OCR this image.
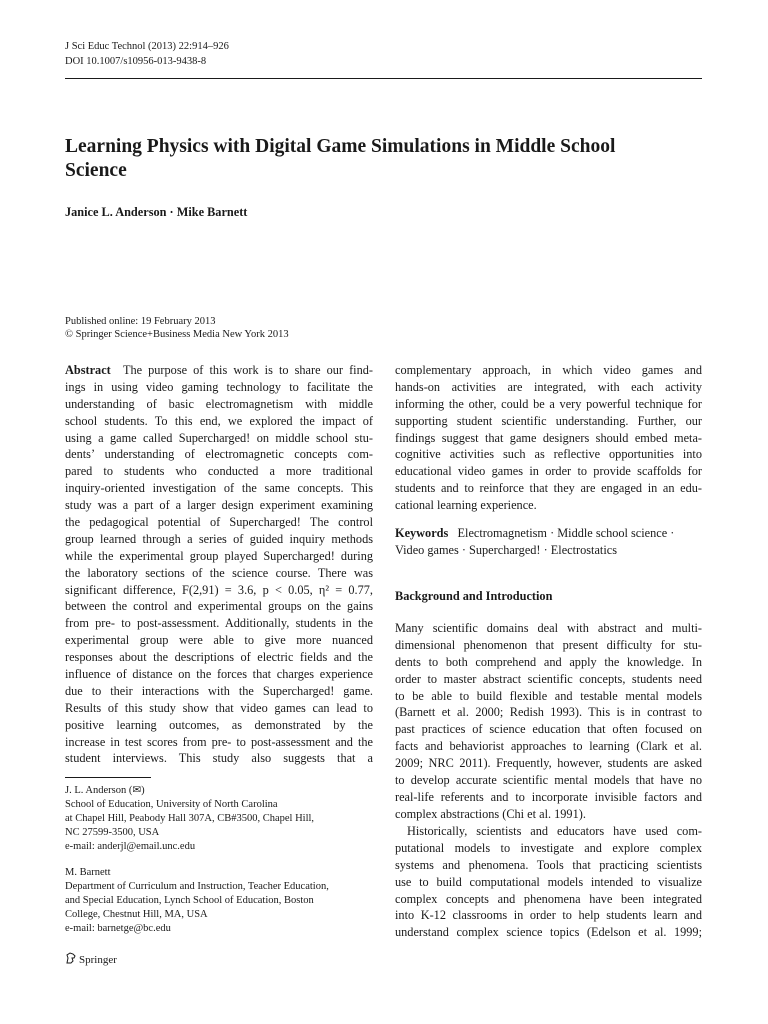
J Sci Educ Technol (2013) 22:914–926
DOI 10.1007/s10956-013-9438-8
Learning Physics with Digital Game Simulations in Middle School
Science
Janice L. Anderson · Mike Barnett
Published online: 19 February 2013
© Springer Science+Business Media New York 2013
Abstract The purpose of this work is to share our find-
ings in using video gaming technology to facilitate the
understanding of basic electromagnetism with middle
school students. To this end, we explored the impact of
using a game called Supercharged! on middle school stu-
dents’ understanding of electromagnetic concepts com-
pared to students who conducted a more traditional
inquiry-oriented investigation of the same concepts. This
study was a part of a larger design experiment examining
the pedagogical potential of Supercharged! The control
group learned through a series of guided inquiry methods
while the experimental group played Supercharged! during
the laboratory sections of the science course. There was
significant difference, F(2,91) = 3.6, p < 0.05, η² = 0.77,
between the control and experimental groups on the gains
from pre- to post-assessment. Additionally, students in the
experimental group were able to give more nuanced
responses about the descriptions of electric fields and the
influence of distance on the forces that charges experience
due to their interactions with the Supercharged! game.
Results of this study show that video games can lead to
positive learning outcomes, as demonstrated by the
increase in test scores from pre- to post-assessment and the
student interviews. This study also suggests that a
J. L. Anderson (✉)
School of Education, University of North Carolina
at Chapel Hill, Peabody Hall 307A, CB#3500, Chapel Hill,
NC 27599-3500, USA
e-mail: anderjl@email.unc.edu
M. Barnett
Department of Curriculum and Instruction, Teacher Education,
and Special Education, Lynch School of Education, Boston
College, Chestnut Hill, MA, USA
e-mail: barnetge@bc.edu
Springer
complementary approach, in which video games and
hands-on activities are integrated, with each activity
informing the other, could be a very powerful technique for
supporting student scientific understanding. Further, our
findings suggest that game designers should embed meta-
cognitive activities such as reflective opportunities into
educational video games in order to provide scaffolds for
students and to reinforce that they are engaged in an edu-
cational learning experience.
Keywords Electromagnetism · Middle school science ·
Video games · Supercharged! · Electrostatics
Background and Introduction
Many scientific domains deal with abstract and multi-
dimensional phenomenon that present difficulty for stu-
dents to both comprehend and apply the knowledge. In
order to master abstract scientific concepts, students need
to be able to build flexible and testable mental models
(Barnett et al. 2000; Redish 1993). This is in contrast to
past practices of science education that often focused on
facts and behaviorist approaches to learning (Clark et al.
2009; NRC 2011). Frequently, however, students are asked
to develop accurate scientific mental models that have no
real-life referents and to incorporate invisible factors and
complex abstractions (Chi et al. 1991).
Historically, scientists and educators have used com-
putational models to investigate and explore complex
systems and phenomena. Tools that practicing scientists
use to build computational models intended to visualize
complex concepts and phenomena have been integrated
into K-12 classrooms in order to help students learn and
understand complex science topics (Edelson et al. 1999;
